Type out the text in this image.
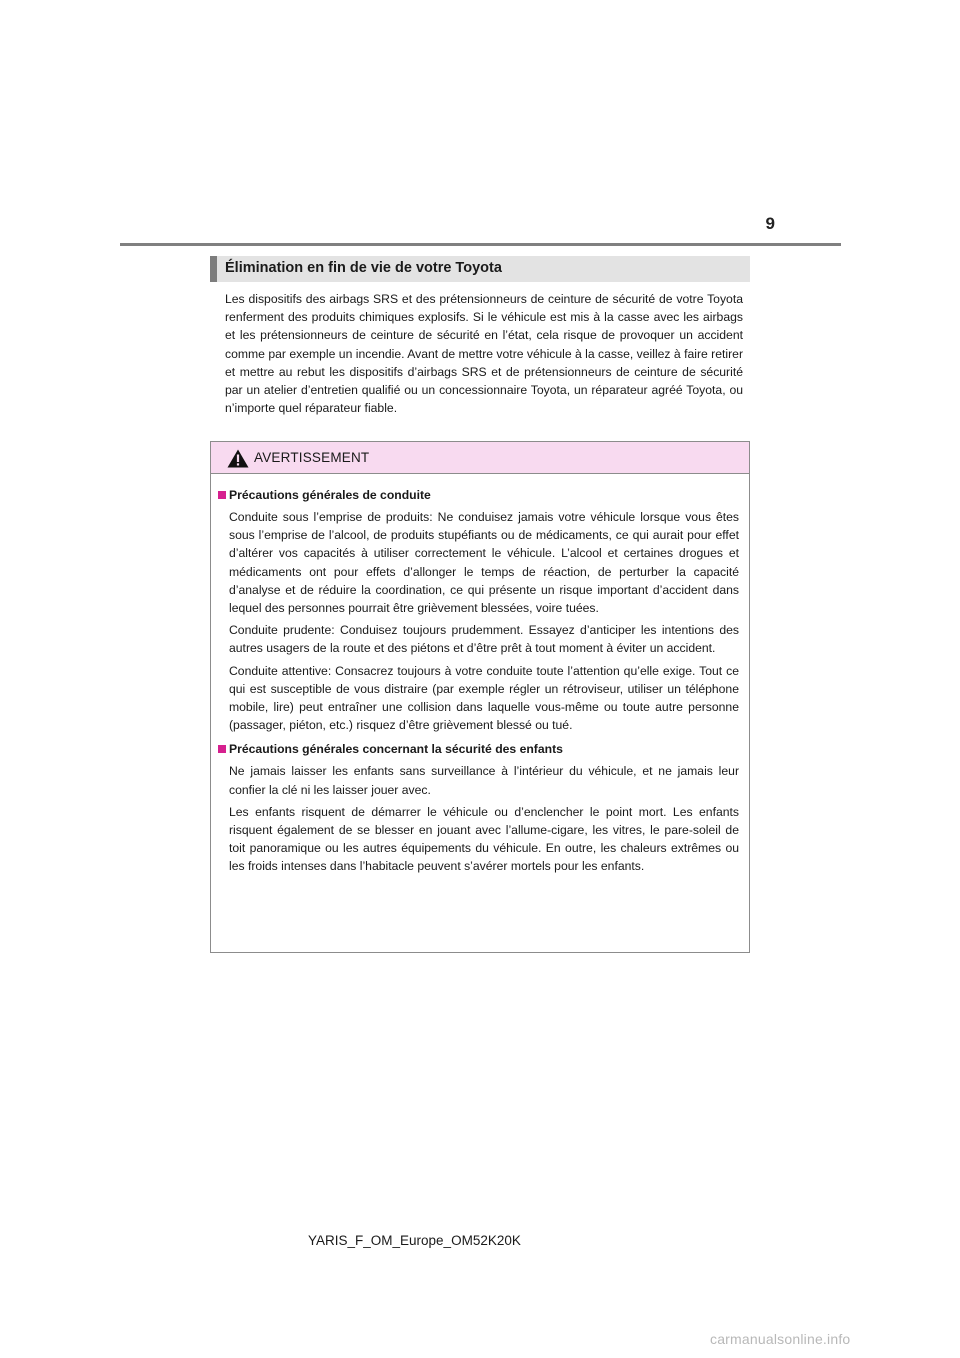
9
Élimination en fin de vie de votre Toyota

Les dispositifs des airbags SRS et des prétensionneurs de ceinture de sécurité de votre Toyota renferment des produits chimiques explosifs. Si le véhicule est mis à la casse avec les airbags et les prétensionneurs de ceinture de sécurité en l’état, cela risque de provoquer un accident comme par exemple un incendie. Avant de mettre votre véhicule à la casse, veillez à faire retirer et mettre au rebut les dispositifs d’airbags SRS et de prétensionneurs de ceinture de sécurité par un atelier d’entretien qualifié ou un concessionnaire Toyota, un réparateur agréé Toyota, ou n’importe quel réparateur fiable.

AVERTISSEMENT
Précautions générales de conduite

Conduite sous l’emprise de produits: Ne conduisez jamais votre véhicule lorsque vous êtes sous l’emprise de l’alcool, de produits stupéfiants ou de médicaments, ce qui aurait pour effet d’altérer vos capacités à utiliser correctement le véhicule. L’alcool et certaines drogues et médicaments ont pour effets d’allonger le temps de réaction, de perturber la capacité d’analyse et de réduire la coordination, ce qui présente un risque important d’accident dans lequel des personnes pourrait être grièvement blessées, voire tuées.

Conduite prudente: Conduisez toujours prudemment. Essayez d’anticiper les intentions des autres usagers de la route et des piétons et d’être prêt à tout moment à éviter un accident.

Conduite attentive: Consacrez toujours à votre conduite toute l’attention qu’elle exige. Tout ce qui est susceptible de vous distraire (par exemple régler un rétroviseur, utiliser un téléphone mobile, lire) peut entraîner une collision dans laquelle vous-même ou toute autre personne (passager, piéton, etc.) risquez d’être grièvement blessé ou tué.

Précautions générales concernant la sécurité des enfants

Ne jamais laisser les enfants sans surveillance à l’intérieur du véhicule, et ne jamais leur confier la clé ni les laisser jouer avec.

Les enfants risquent de démarrer le véhicule ou d’enclencher le point mort. Les enfants risquent également de se blesser en jouant avec l’allume-cigare, les vitres, le pare-soleil de toit panoramique ou les autres équipements du véhicule. En outre, les chaleurs extrêmes ou les froids intenses dans l’habitacle peuvent s’avérer mortels pour les enfants.

YARIS_F_OM_Europe_OM52K20K
carmanualsonline.info
